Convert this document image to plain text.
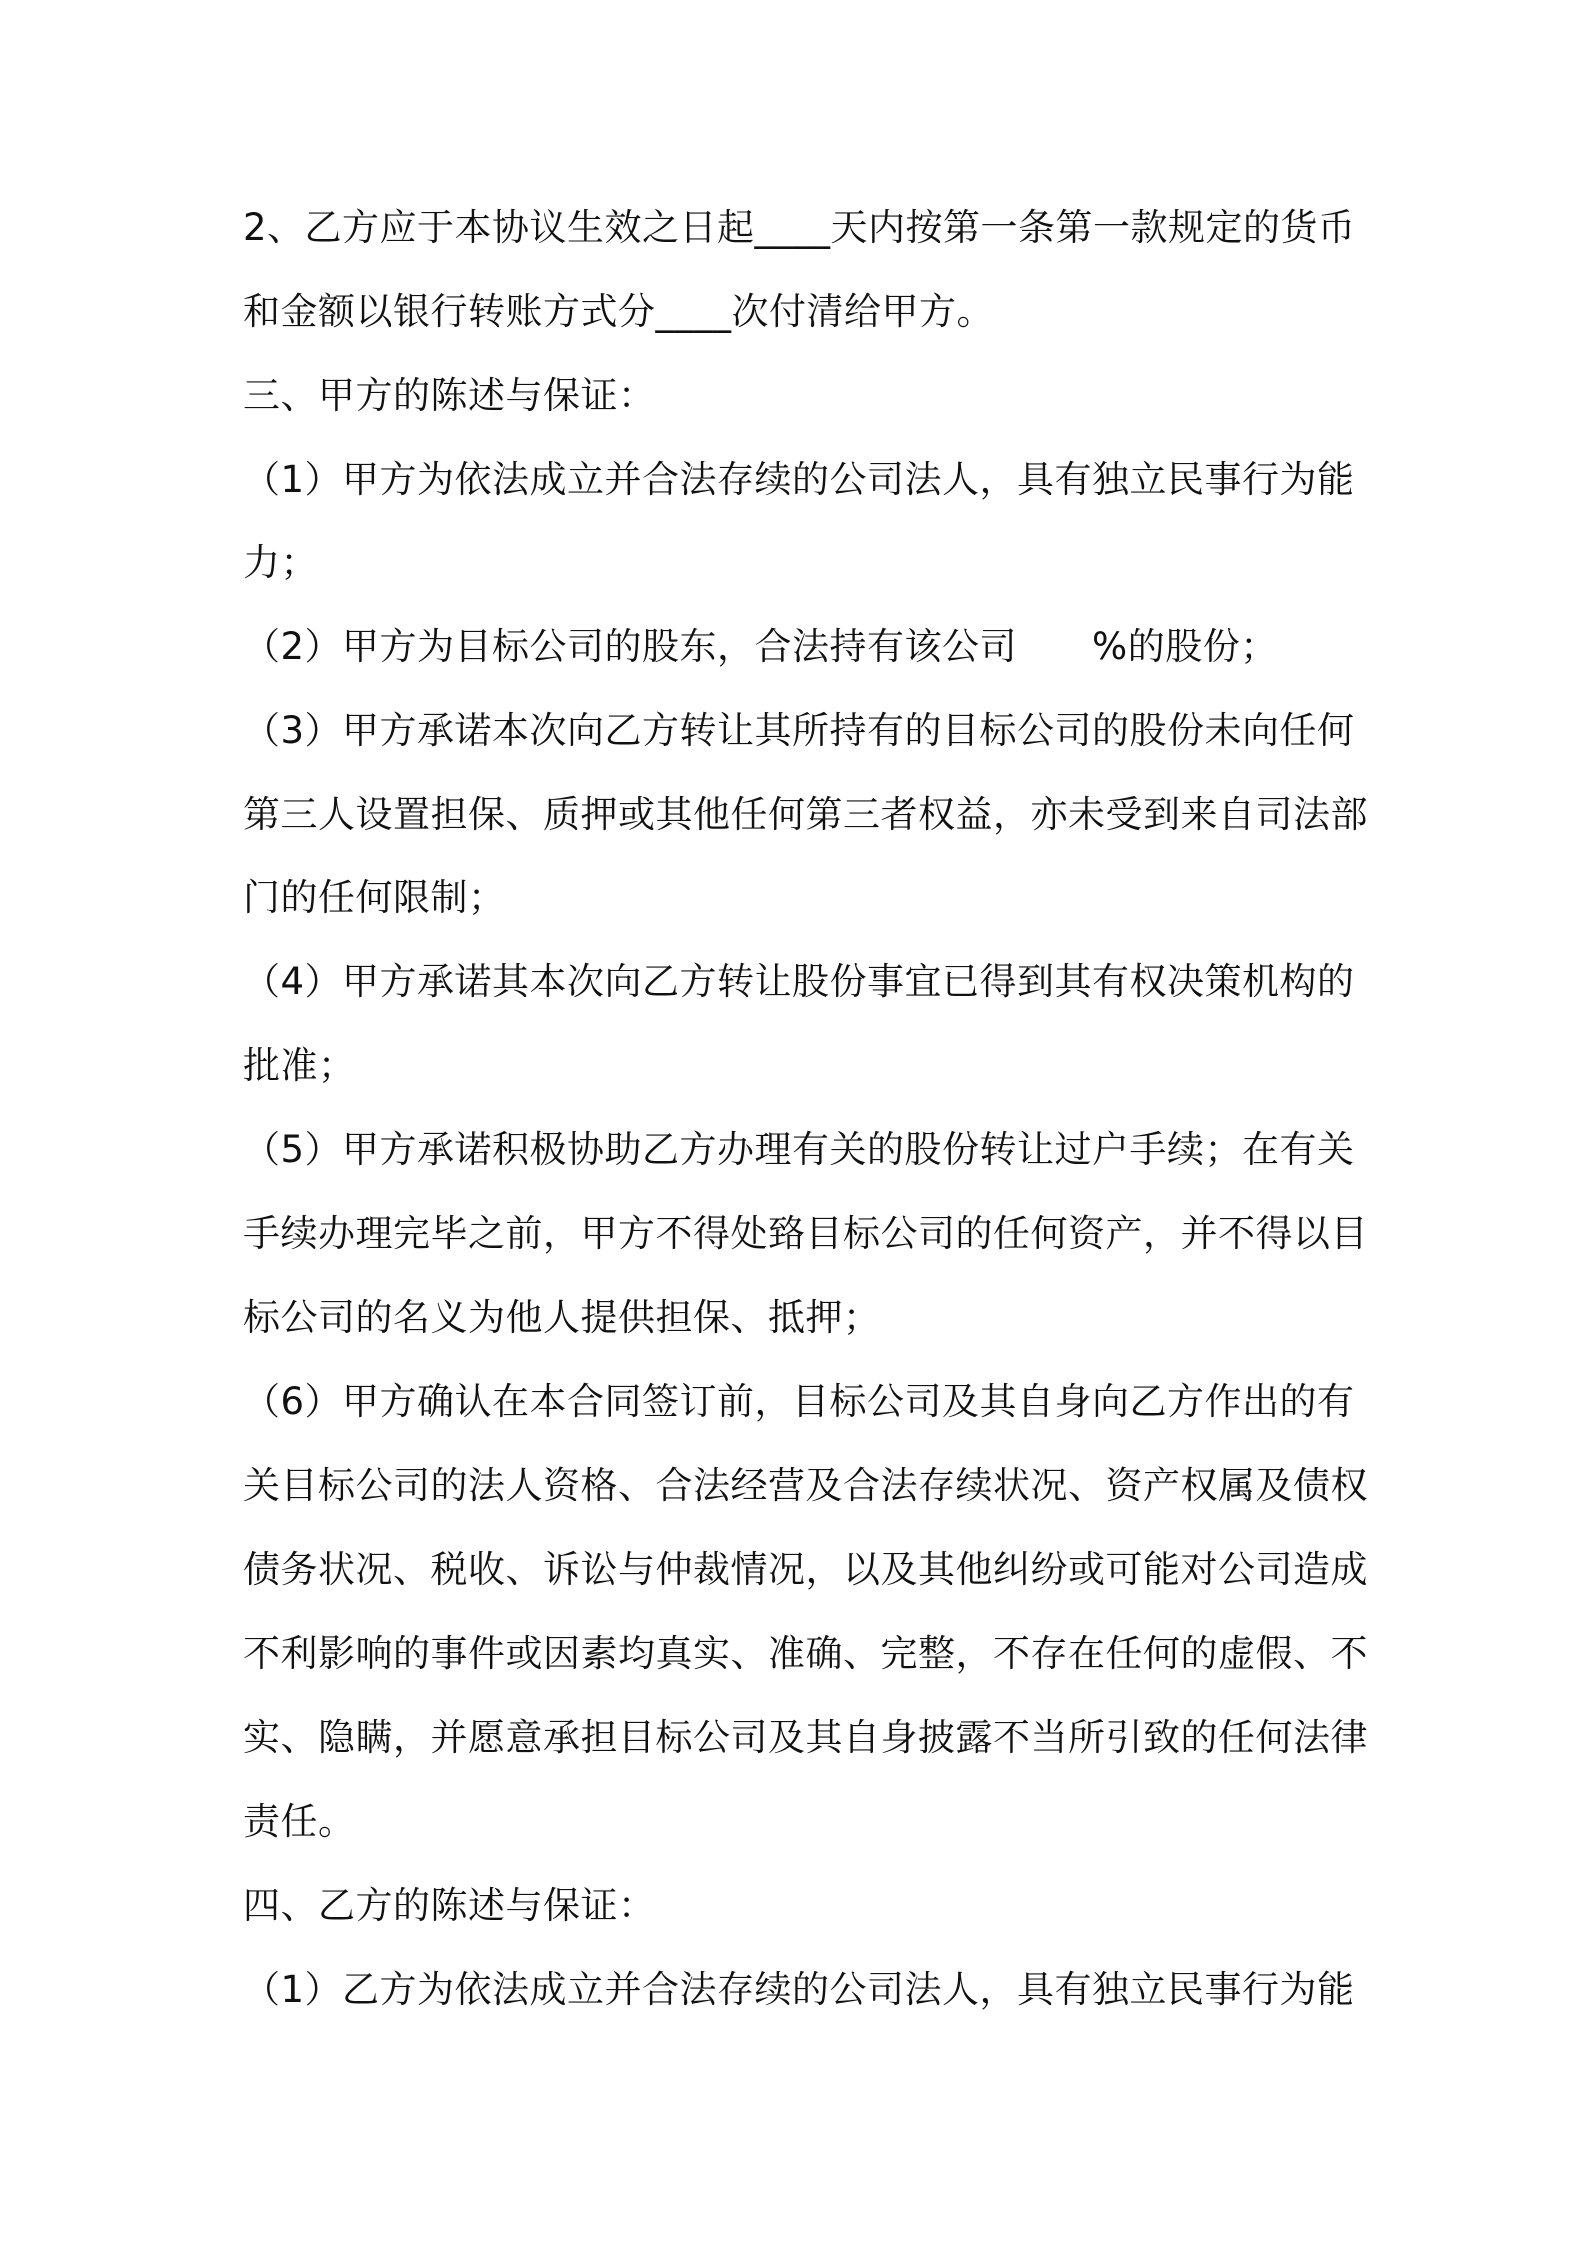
2、乙方应于本协议生效之日起____天内按第一条第一款规定的货币

和金额以银行转账方式分____次付清给甲方。

三、甲方的陈述与保证：

（1）甲方为依法成立并合法存续的公司法人，具有独立民事行为能

力；

（2）甲方为目标公司的股东，合法持有该公司　　%的股份；

（3）甲方承诺本次向乙方转让其所持有的目标公司的股份未向任何

第三人设置担保、质押或其他任何第三者权益，亦未受到来自司法部

门的任何限制；

（4）甲方承诺其本次向乙方转让股份事宜已得到其有权决策机构的

批准；

（5）甲方承诺积极协助乙方办理有关的股份转让过户手续；在有关

手续办理完毕之前，甲方不得处臵目标公司的任何资产，并不得以目

标公司的名义为他人提供担保、抵押；

（6）甲方确认在本合同签订前，目标公司及其自身向乙方作出的有

关目标公司的法人资格、合法经营及合法存续状况、资产权属及债权

债务状况、税收、诉讼与仲裁情况，以及其他纠纷或可能对公司造成

不利影响的事件或因素均真实、准确、完整，不存在任何的虚假、不

实、隐瞒，并愿意承担目标公司及其自身披露不当所引致的任何法律

责任。

四、乙方的陈述与保证：

（1）乙方为依法成立并合法存续的公司法人，具有独立民事行为能
